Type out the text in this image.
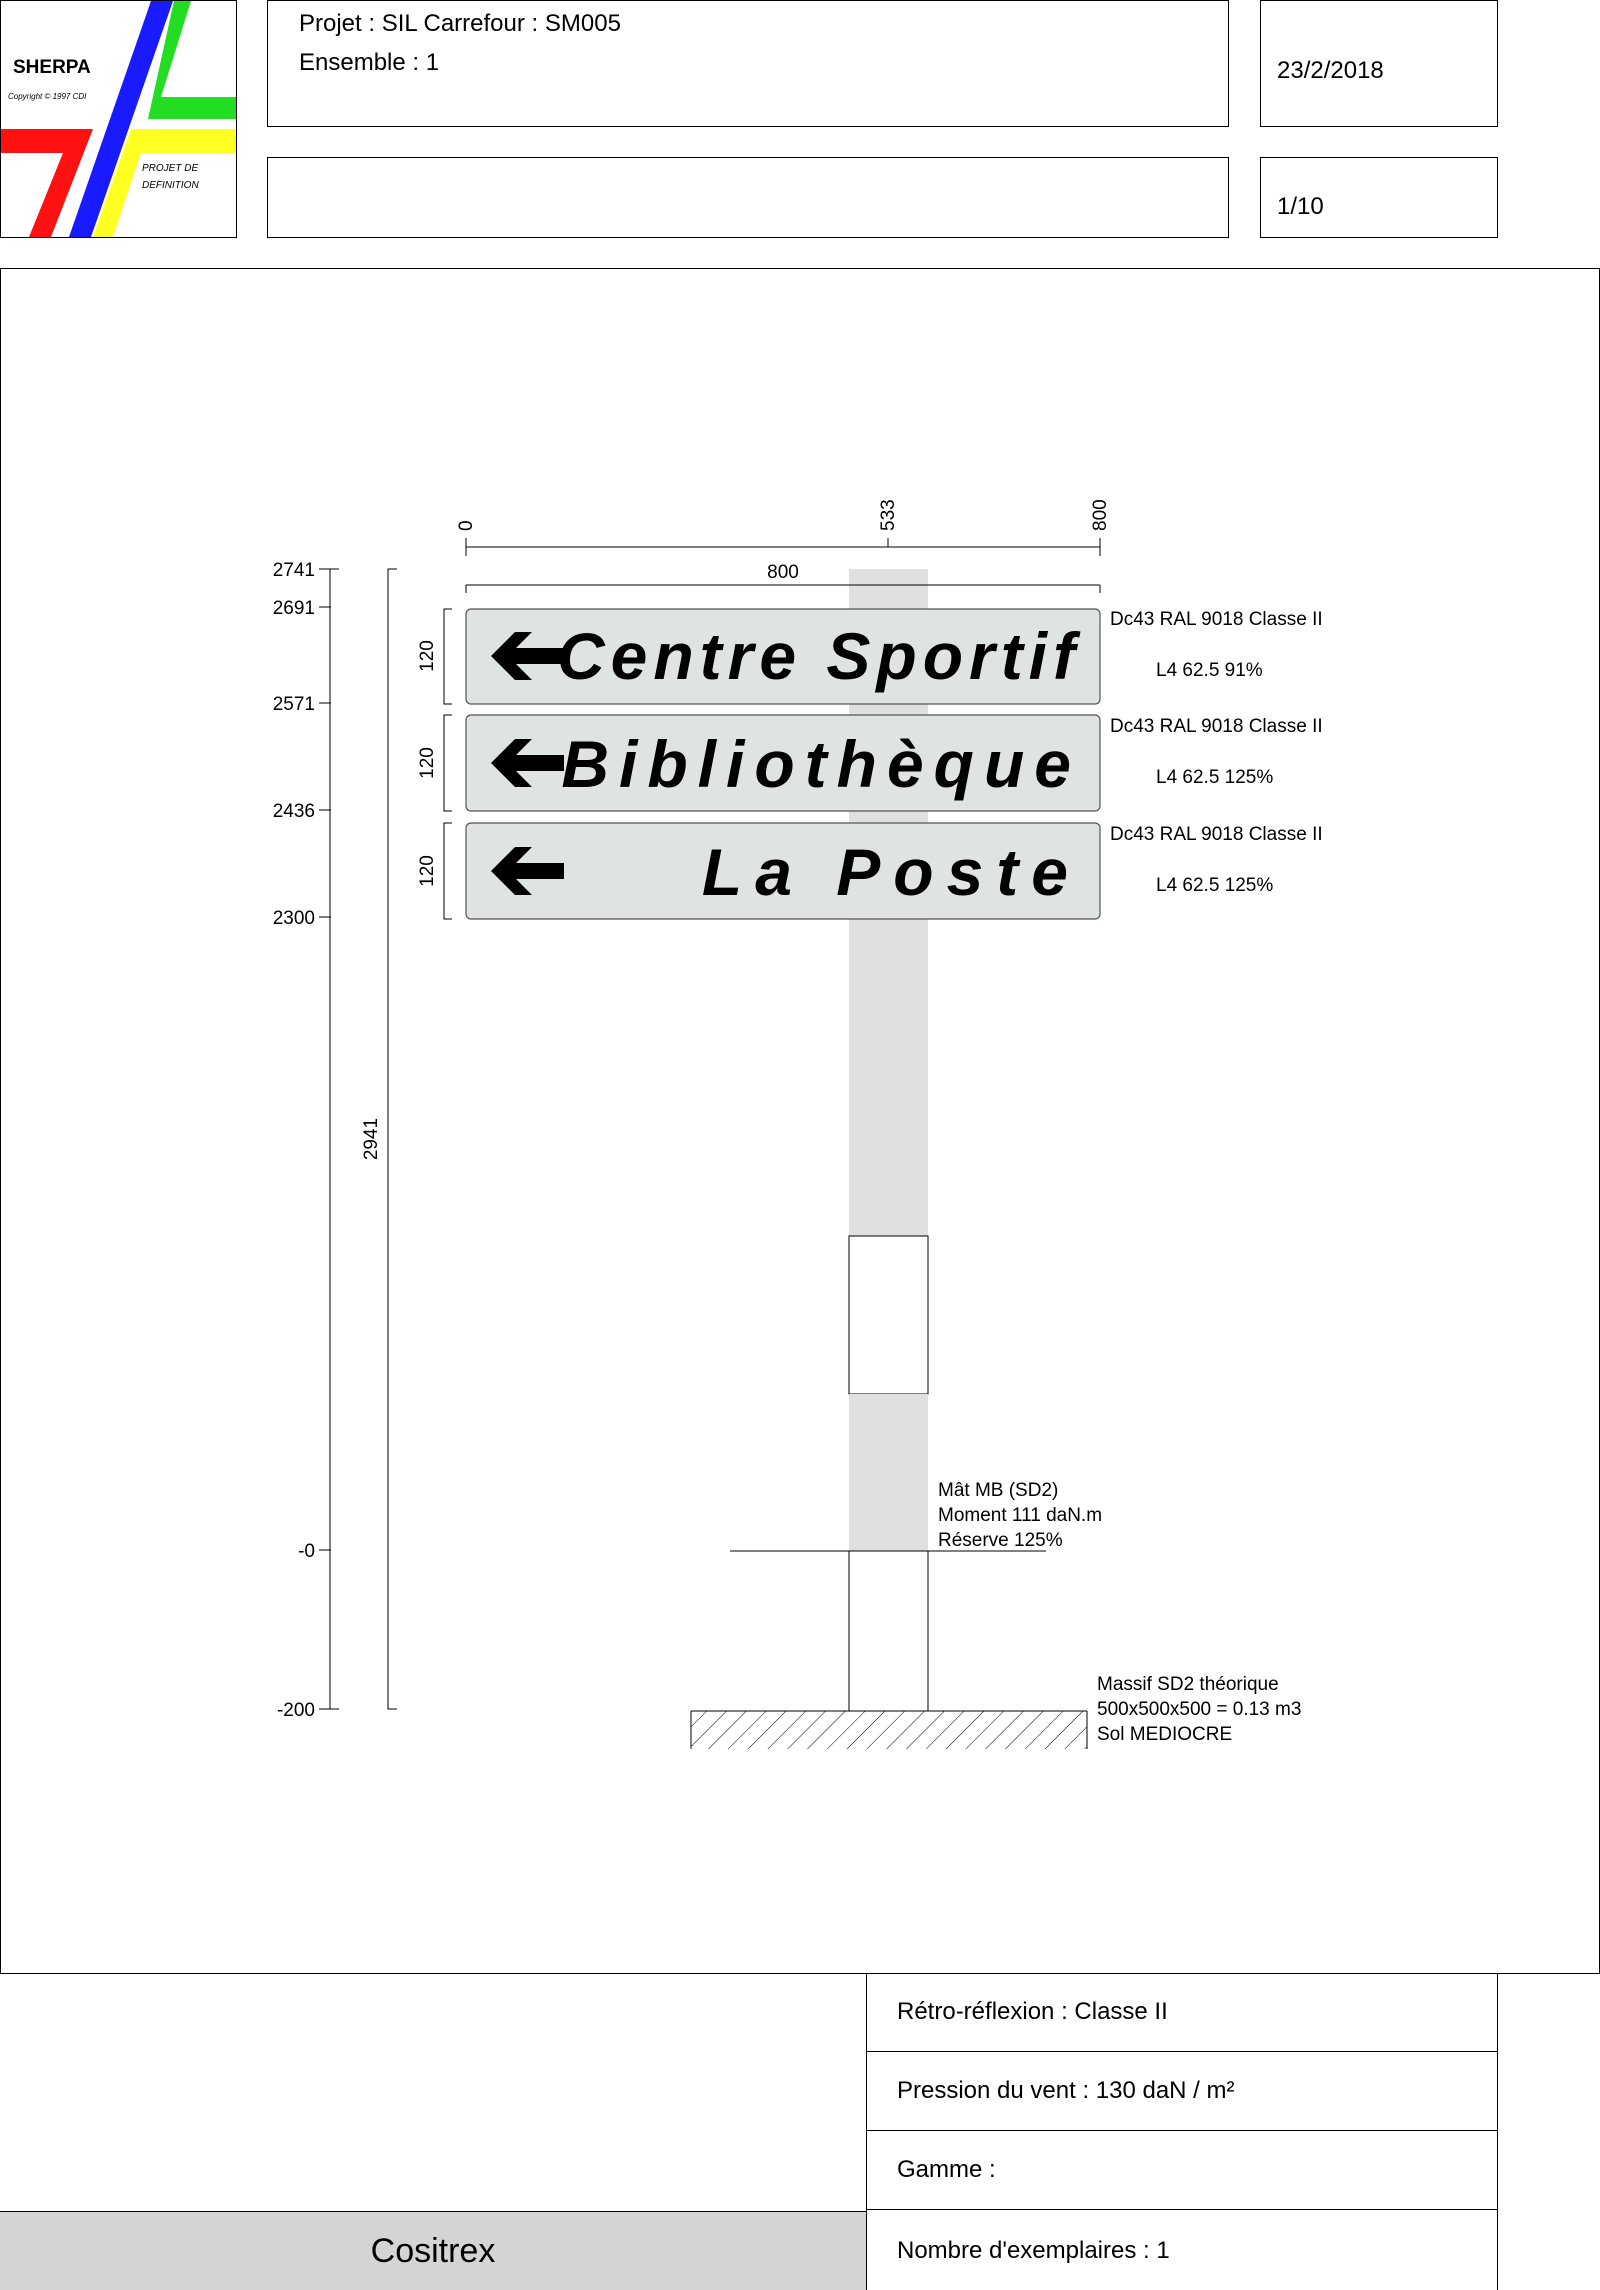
SHERPA
Copyright © 1997 CDI
PROJET DE
DEFINITION
Projet : SIL Carrefour : SM005
Ensemble : 1	23/2/2018
1/10
Centre Sportif
Bibliothèque
La Poste
Dc43 RAL 9018 Classe II
L4 62.5 91%
Dc43 RAL 9018 Classe II
L4 62.5 125%
Dc43 RAL 9018 Classe II
L4 62.5 125%
120
120
120
0	533	800
800
2741
2691
2571
2436
2300
-0
-200
2941
Mât MB (SD2)
Moment 111 daN.m
Réserve 125%
Massif SD2 théorique
500x500x500 = 0.13 m3
Sol MEDIOCRE
Cositrex
Rétro-réflexion : Classe II
Pression du vent : 130 daN / m²
Gamme :
Nombre d'exemplaires : 1
